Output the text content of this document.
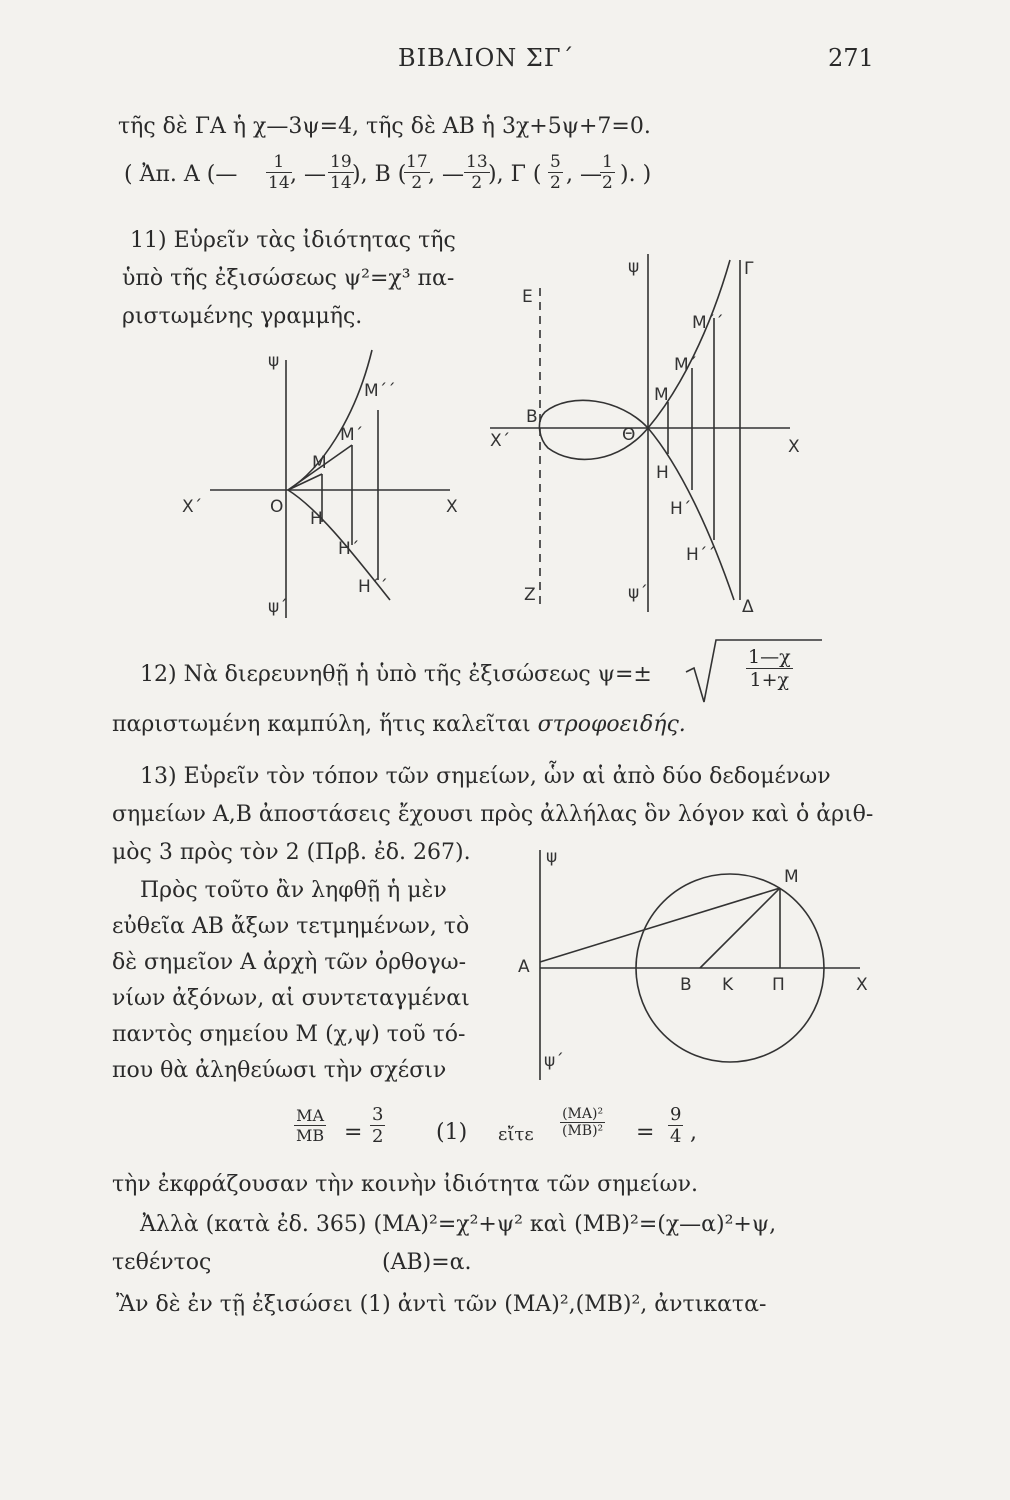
ΒΙΒΛΙΟΝ ΣΓ΄	271
τῆς δὲ ΓΑ ἡ χ—3ψ=4, τῆς δὲ ΑΒ ἡ 3χ+5ψ+7=0.
( Ἀπ. Α (— $\frac{1}{14}$
, — $\frac{19}{14}$
), Β (
$\frac{17}{2}$
, — $\frac{13}{2}$
), Γ ( $\frac{5}{2}$ , —
$\frac{1}{2}$ ). )
11) Εὑρεῖν τὰς ἰδιότητας τῆς
ὑπὸ τῆς ἐξισώσεως ψ²=χ³ πα-
ριστωμένης γραμμῆς.
ψ
ψ΄
Χ΄	Χ
Ο
Μ
Μ΄
Μ΄΄
Η
Η΄
Η΄΄
Ε
Ζ
ψ
ψ΄
Γ
Δ
Χ΄	Χ
Β
Θ
Μ
Μ΄
Μ΄΄
Η
Η΄
Η΄΄
12) Νὰ διερευνηθῇ ἡ ὑπὸ τῆς ἐξισώσεως ψ=±	$\frac{1—\chi}{1+\chi}$
παριστωμένη καμπύλη, ἥτις καλεῖται στροφοειδής.
13) Εὑρεῖν τὸν τόπον τῶν σημείων, ὧν αἱ ἀπὸ δύο δεδομένων
σημείων Α,Β ἀποστάσεις ἔχουσι πρὸς ἀλλήλας ὃν λόγον καὶ ὁ ἀριθ-
μὸς 3 πρὸς τὸν 2 (Πρβ. ἐδ. 267).
Πρὸς τοῦτο ἂν ληφθῇ ἡ μὲν
εὐθεῖα ΑΒ ἄξων τετμημένων, τὸ
δὲ σημεῖον Α ἀρχὴ τῶν ὀρθογω-
νίων ἀξόνων, αἱ συντεταγμέναι
παντὸς σημείου Μ (χ,ψ) τοῦ τό-
που θὰ ἀληθεύωσι τὴν σχέσιν
ψ
ψ΄
Α
Β Κ Π	Χ
Μ
$\frac{MA}{MB} = \frac{3}{2} (1)$ εἴτε $\frac{\text{(ΜΑ)²}}{\text{(ΜΒ)²}} = \frac{9}{4}$ ,
τὴν ἐκφράζουσαν τὴν κοινὴν ἰδιότητα τῶν σημείων.
Ἀλλὰ (κατὰ ἐδ. 365) (ΜΑ)²=χ²+ψ² καὶ (ΜΒ)²=(χ—α)²+ψ,
τεθέντος	(ΑΒ)=α.
Ἂν δὲ ἐν τῇ ἐξισώσει (1) ἀντὶ τῶν (ΜΑ)²,(ΜΒ)², ἀντικατα-
